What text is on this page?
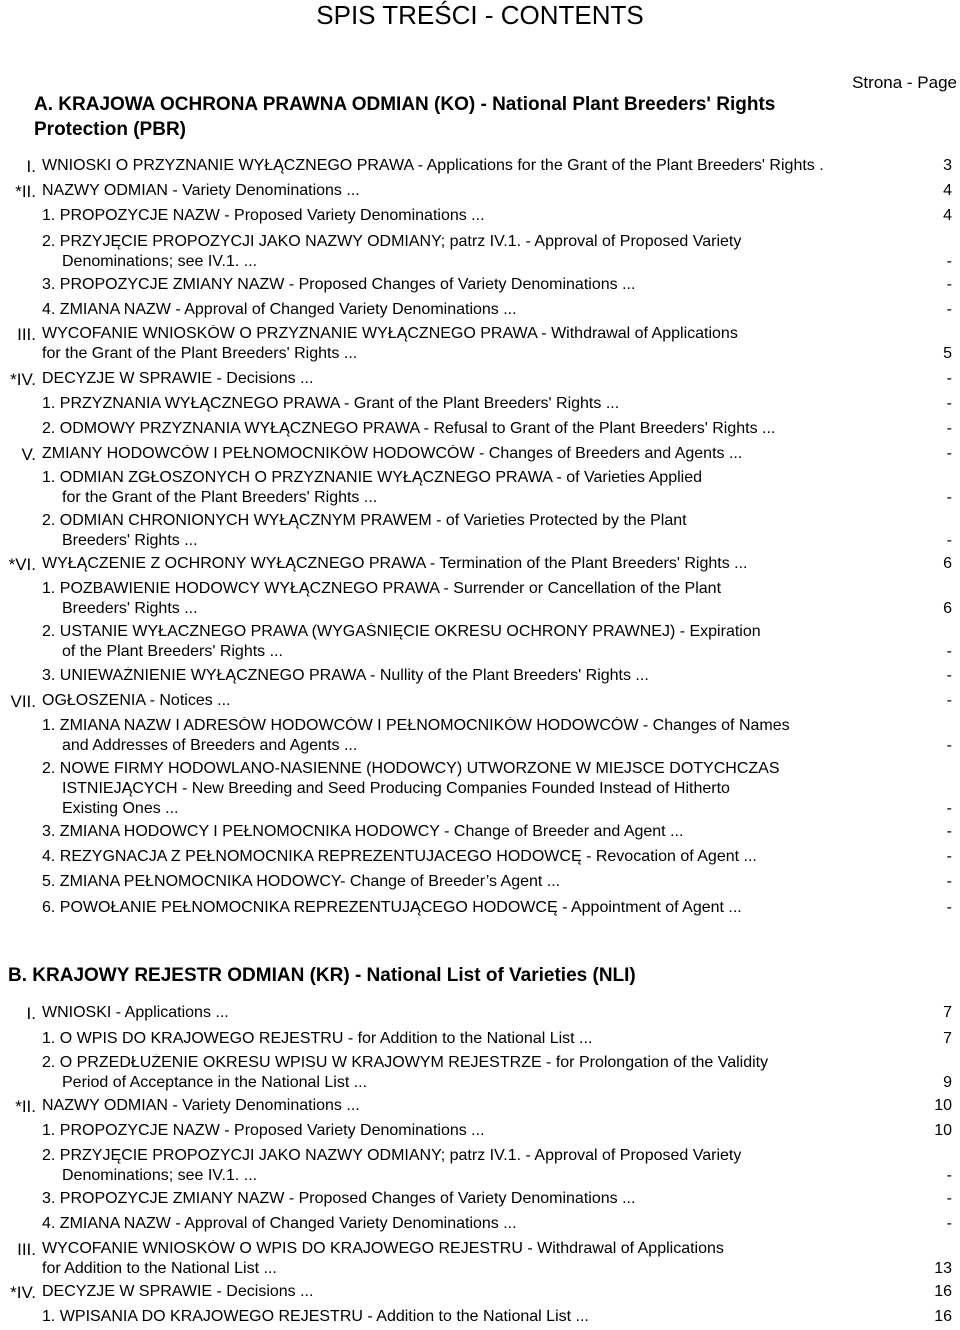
SPIS TREŚCI - CONTENTS
Strona - Page
A. KRAJOWA OCHRONA PRAWNA ODMIAN (KO) - National Plant Breeders' Rights
Protection (PBR)
B. KRAJOWY REJESTR ODMIAN (KR) - National List of Varieties (NLI)
I. WNIOSKI O PRZYZNANIE WYŁĄCZNEGO PRAWA - Applications for the Grant of the Plant Breeders' Rights .	3
*II. NAZWY ODMIAN - Variety Denominations ...	4
1. PROPOZYCJE NAZW - Proposed Variety Denominations ...	4
2. PRZYJĘCIE PROPOZYCJI JAKO NAZWY ODMIANY; patrz IV.1. - Approval of Proposed Variety
Denominations; see IV.1. ...	-
3. PROPOZYCJE ZMIANY NAZW - Proposed Changes of Variety Denominations ...	-
4. ZMIANA NAZW - Approval of Changed Variety Denominations ...	-
III. WYCOFANIE WNIOSKÓW O PRZYZNANIE WYŁĄCZNEGO PRAWA - Withdrawal of Applications
for the Grant of the Plant Breeders' Rights ...	5
*IV. DECYZJE W SPRAWIE - Decisions ...	-
1. PRZYZNANIA WYŁĄCZNEGO PRAWA - Grant of the Plant Breeders' Rights ...	-
2. ODMOWY PRZYZNANIA WYŁĄCZNEGO PRAWA - Refusal to Grant of the Plant Breeders' Rights ...	-
V. ZMIANY HODOWCÓW I PEŁNOMOCNIKÓW HODOWCÓW - Changes of Breeders and Agents ...	-
1. ODMIAN ZGŁOSZONYCH O PRZYZNANIE WYŁĄCZNEGO PRAWA - of Varieties Applied
for the Grant of the Plant Breeders' Rights ...	-
2. ODMIAN CHRONIONYCH WYŁĄCZNYM PRAWEM - of Varieties Protected by the Plant
Breeders' Rights ...	-
*VI. WYŁĄCZENIE Z OCHRONY WYŁĄCZNEGO PRAWA - Termination of the Plant Breeders' Rights ...	6
1. POZBAWIENIE HODOWCY WYŁĄCZNEGO PRAWA - Surrender or Cancellation of the Plant
Breeders' Rights ...	6
2. USTANIE WYŁACZNEGO PRAWA (WYGAŚNIĘCIE OKRESU OCHRONY PRAWNEJ) - Expiration
of the Plant Breeders' Rights ...	-
3. UNIEWAŻNIENIE WYŁĄCZNEGO PRAWA - Nullity of the Plant Breeders' Rights ...	-
VII. OGŁOSZENIA - Notices ...	-
1. ZMIANA NAZW I ADRESÓW HODOWCÓW I PEŁNOMOCNIKÓW HODOWCÓW - Changes of Names
and Addresses of Breeders and Agents ...	-
2. NOWE FIRMY HODOWLANO-NASIENNE (HODOWCY) UTWORZONE W MIEJSCE DOTYCHCZAS
ISTNIEJĄCYCH - New Breeding and Seed Producing Companies Founded Instead of Hitherto
Existing Ones ...	-
3. ZMIANA HODOWCY I PEŁNOMOCNIKA HODOWCY - Change of Breeder and Agent ...	-
4. REZYGNACJA Z PEŁNOMOCNIKA REPREZENTUJACEGO HODOWCĘ - Revocation of Agent ...	-
5. ZMIANA PEŁNOMOCNIKA HODOWCY- Change of Breeder’s Agent ...	-
6. POWOŁANIE PEŁNOMOCNIKA REPREZENTUJĄCEGO HODOWCĘ - Appointment of Agent ...	-
I. WNIOSKI - Applications ...	7
1. O WPIS DO KRAJOWEGO REJESTRU - for Addition to the National List ...	7
2. O PRZEDŁUŻENIE OKRESU WPISU W KRAJOWYM REJESTRZE - for Prolongation of the Validity
Period of Acceptance in the National List ...	9
*II. NAZWY ODMIAN - Variety Denominations ...	10
1. PROPOZYCJE NAZW - Proposed Variety Denominations ...	10
2. PRZYJĘCIE PROPOZYCJI JAKO NAZWY ODMIANY; patrz IV.1. - Approval of Proposed Variety
Denominations; see IV.1. ...	-
3. PROPOZYCJE ZMIANY NAZW - Proposed Changes of Variety Denominations ...	-
4. ZMIANA NAZW - Approval of Changed Variety Denominations ...	-
III. WYCOFANIE WNIOSKÓW O WPIS DO KRAJOWEGO REJESTRU - Withdrawal of Applications
for Addition to the National List ...	13
*IV. DECYZJE W SPRAWIE - Decisions ...	16
1. WPISANIA DO KRAJOWEGO REJESTRU - Addition to the National List ...	16
